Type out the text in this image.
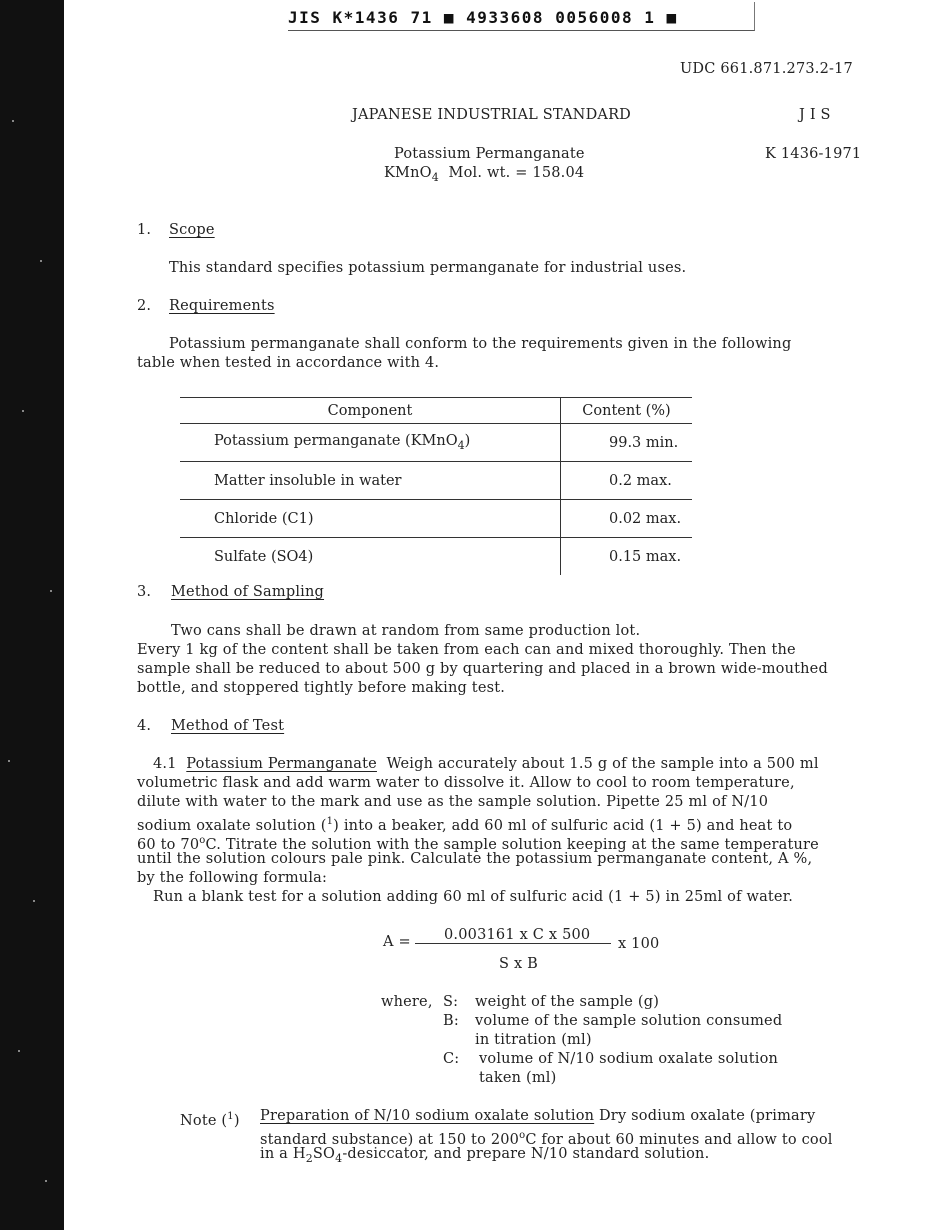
JIS K*1436 71 ■ 4933608 0056008 1 ■
UDC 661.871.273.2-17
JAPANESE INDUSTRIAL STANDARD	J I S
Potassium Permanganate	K 1436-1971
KMnO$_4$ Mol. wt. = 158.04
1. Scope
This standard specifies potassium permanganate for industrial uses.
2. Requirements
Potassium permanganate shall conform to the requirements given in the following
table when tested in accordance with 4.
Component	Content (%)
Potassium permanganate (KMnO$_4$)	99.3 min.
Matter insoluble in water	0.2 max.
Chloride (C1)	0.02 max.
Sulfate (SO4)	0.15 max.
3. Method of Sampling
Two cans shall be drawn at random from same production lot.
Every 1 kg of the content shall be taken from each can and mixed thoroughly. Then the
sample shall be reduced to about 500 g by quartering and placed in a brown wide-mouthed
bottle, and stoppered tightly before making test.
4. Method of Test
4.1 Potassium Permanganate Weigh accurately about 1.5 g of the sample into a 500 ml
volumetric flask and add warm water to dissolve it. Allow to cool to room temperature,
dilute with water to the mark and use as the sample solution. Pipette 25 ml of N/10
sodium oxalate solution ($^1$) into a beaker, add 60 ml of sulfuric acid (1 + 5) and heat to
60 to 70$^o$C. Titrate the solution with the sample solution keeping at the same temperature
until the solution colours pale pink. Calculate the potassium permanganate content, A %,
by the following formula:
Run a blank test for a solution adding 60 ml of sulfuric acid (1 + 5) in 25ml of water.
A = 0.003161 x C x 500
S x B
x 100
where, S: weight of the sample (g)
B: volume of the sample solution consumed
in titration (ml)
C: volume of N/10 sodium oxalate solution
taken (ml)
Note ($^1$) Preparation of N/10 sodium oxalate solution Dry sodium oxalate (primary
standard substance) at 150 to 200$^o$C for about 60 minutes and allow to cool
in a $H_2SO_4$-desiccator, and prepare N/10 standard solution.
